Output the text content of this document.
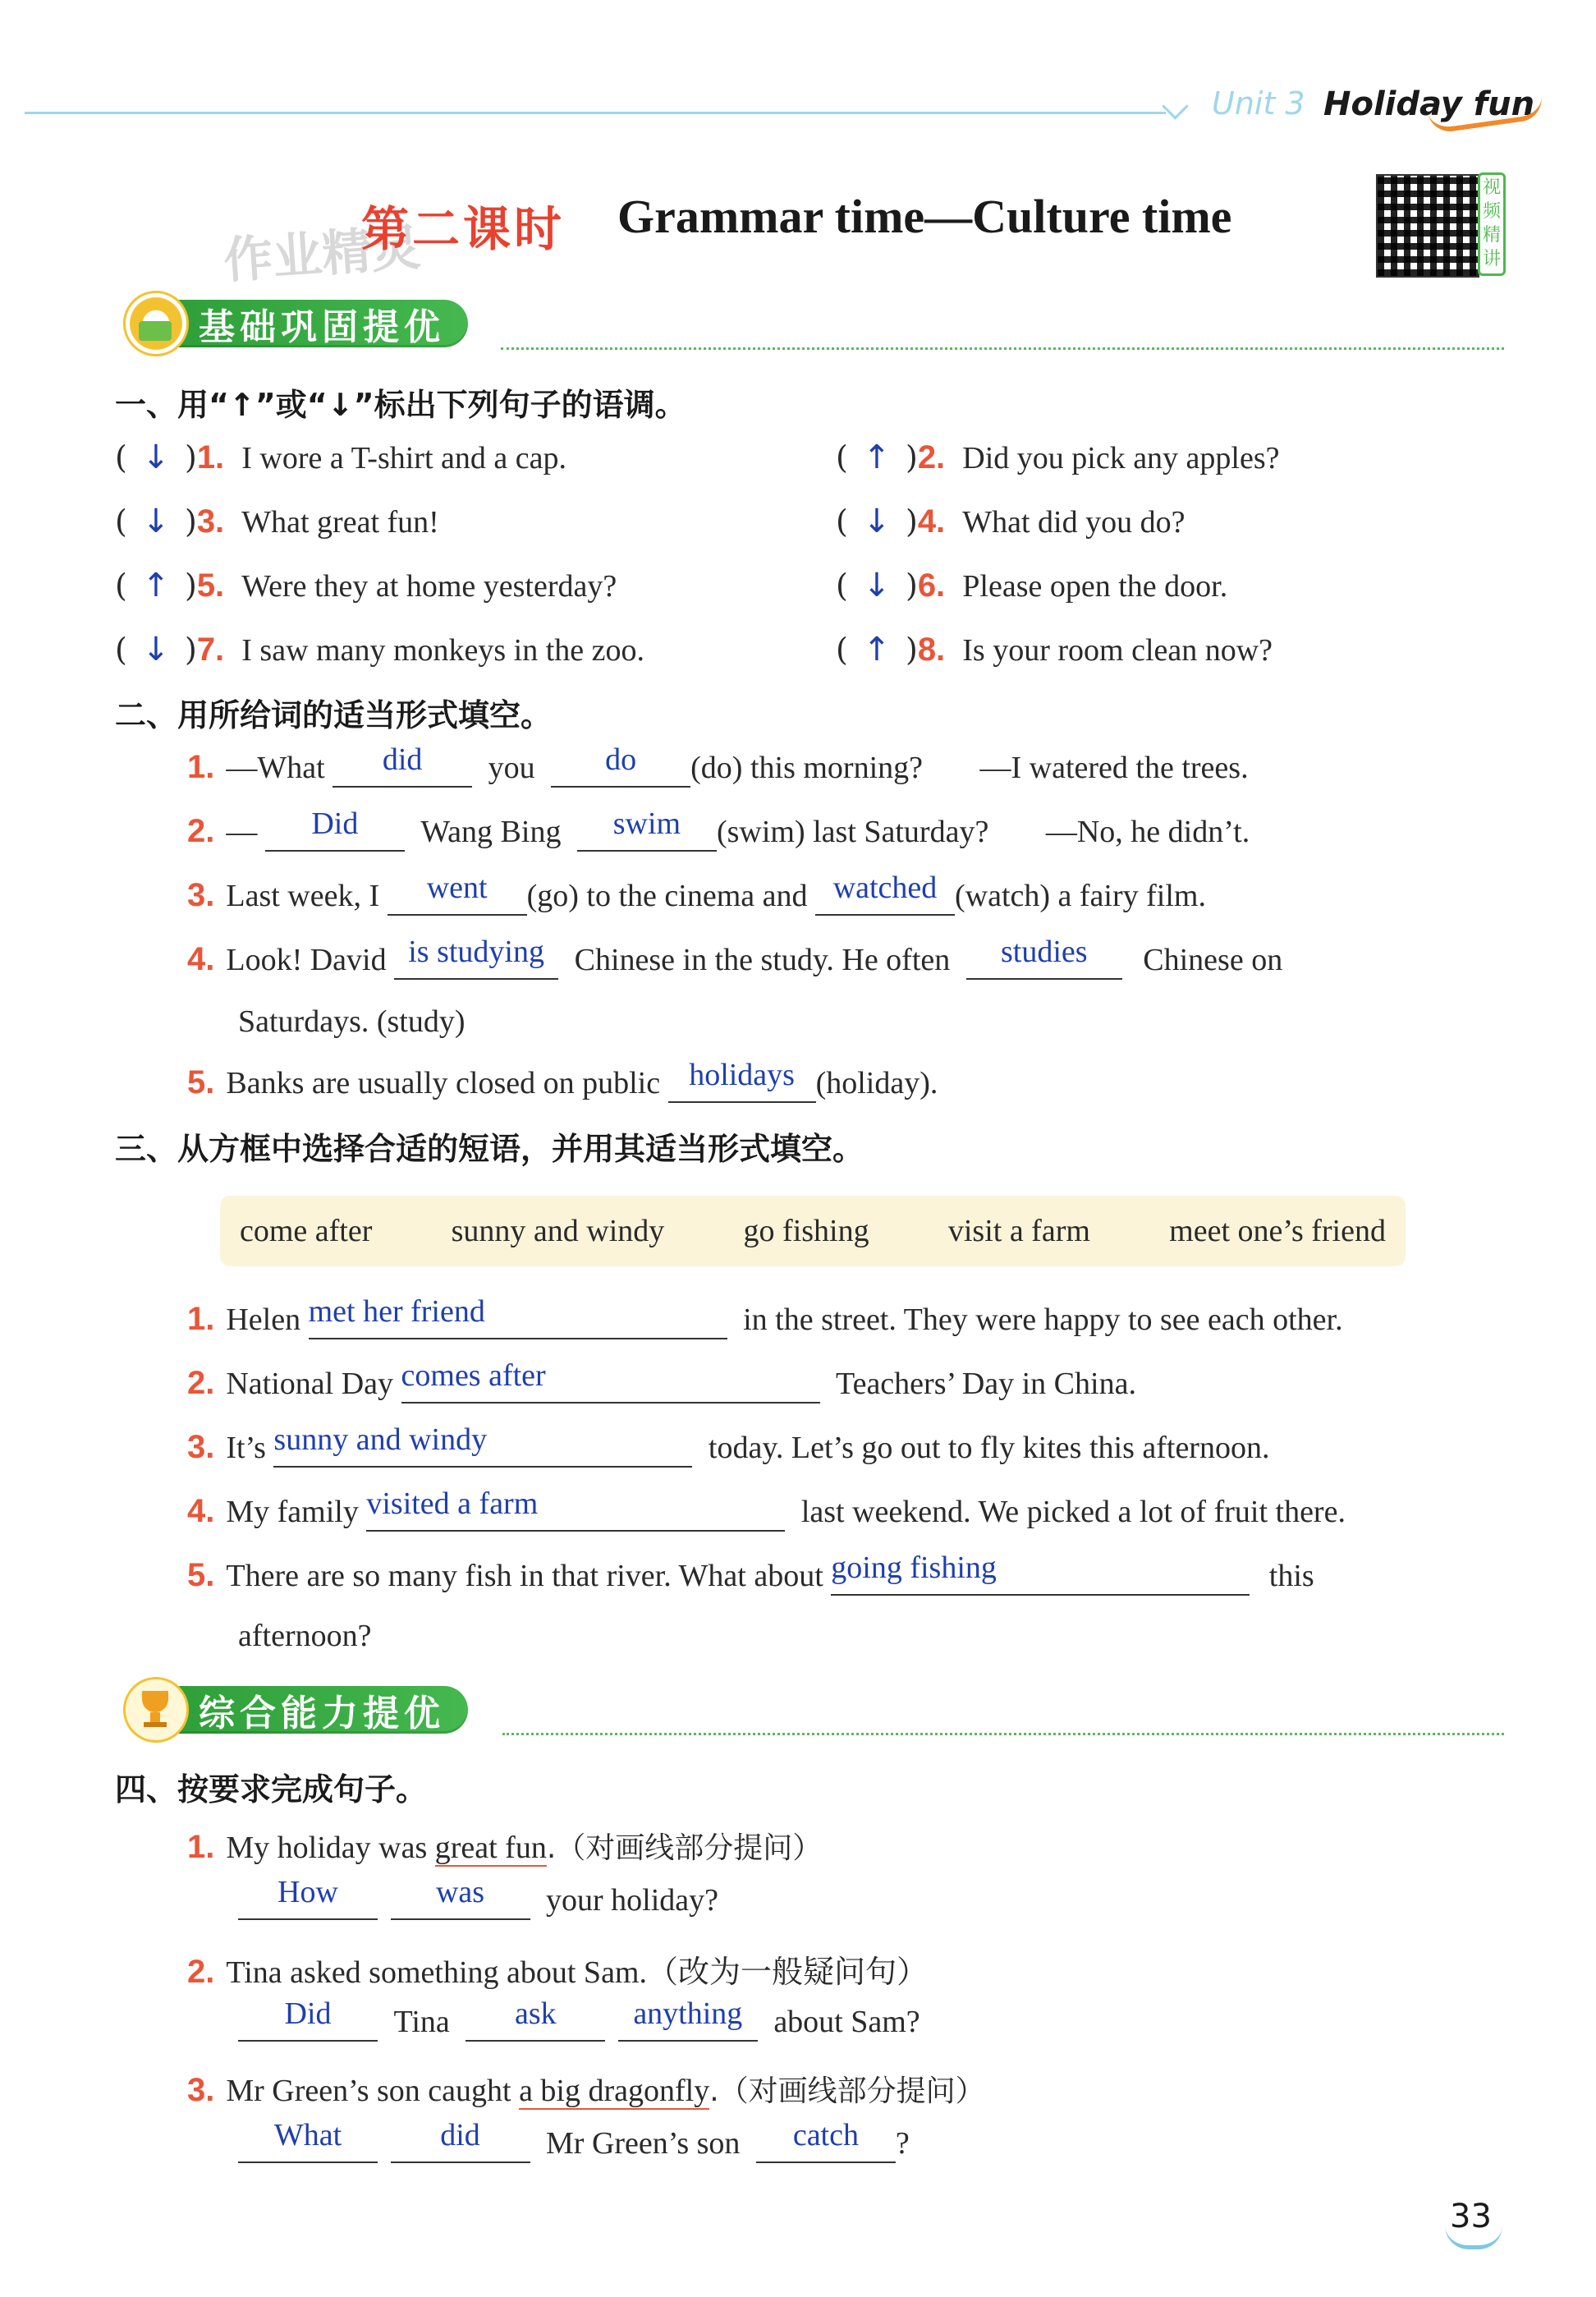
Unit 3 Holiday fun
作业精灵
第二课时 Grammar time—Culture time
视频精讲
基础巩固提优
一、用“↑”或“↓”标出下列句子的语调。
( ↓ )1. I wore a T-shirt and a cap.	( ↑ )2. Did you pick any apples?
( ↓ )3. What great fun!	( ↓ )4. What did you do?
( ↑ )5. Were they at home yesterday?	( ↓ )6. Please open the door.
( ↓ )7. I saw many monkeys in the zoo.	( ↑ )8. Is your room clean now?
二、用所给词的适当形式填空。
1. —What did you do (do) this morning? —I watered the trees.
2. — Did Wang Bing swim (swim) last Saturday? —No, he didn’t.
3. Last week, I went (go) to the cinema and watched (watch) a fairy film.
4. Look! David is studying Chinese in the study. He often studies Chinese on
Saturdays. (study)
5. Banks are usually closed on public holidays (holiday).
三、从方框中选择合适的短语，并用其适当形式填空。
come after	sunny and windy	go fishing	visit a farm	meet one’s friend
1. Helen met her friend	in the street. They were happy to see each other.
2. National Day comes after	Teachers’ Day in China.
3. It’s sunny and windy	today. Let’s go out to fly kites this afternoon.
4. My family visited a farm	last weekend. We picked a lot of fruit there.
5. There are so many fish in that river. What about going fishing	this
afternoon?
综合能力提优
四、按要求完成句子。
1. My holiday was great fun.（对画线部分提问）
How	was your holiday?
2. Tina asked something about Sam.（改为一般疑问句）
Did Tina ask anything about Sam?
3. Mr Green’s son caught a big dragonfly.（对画线部分提问）
What	did Mr Green’s son catch ?
33
